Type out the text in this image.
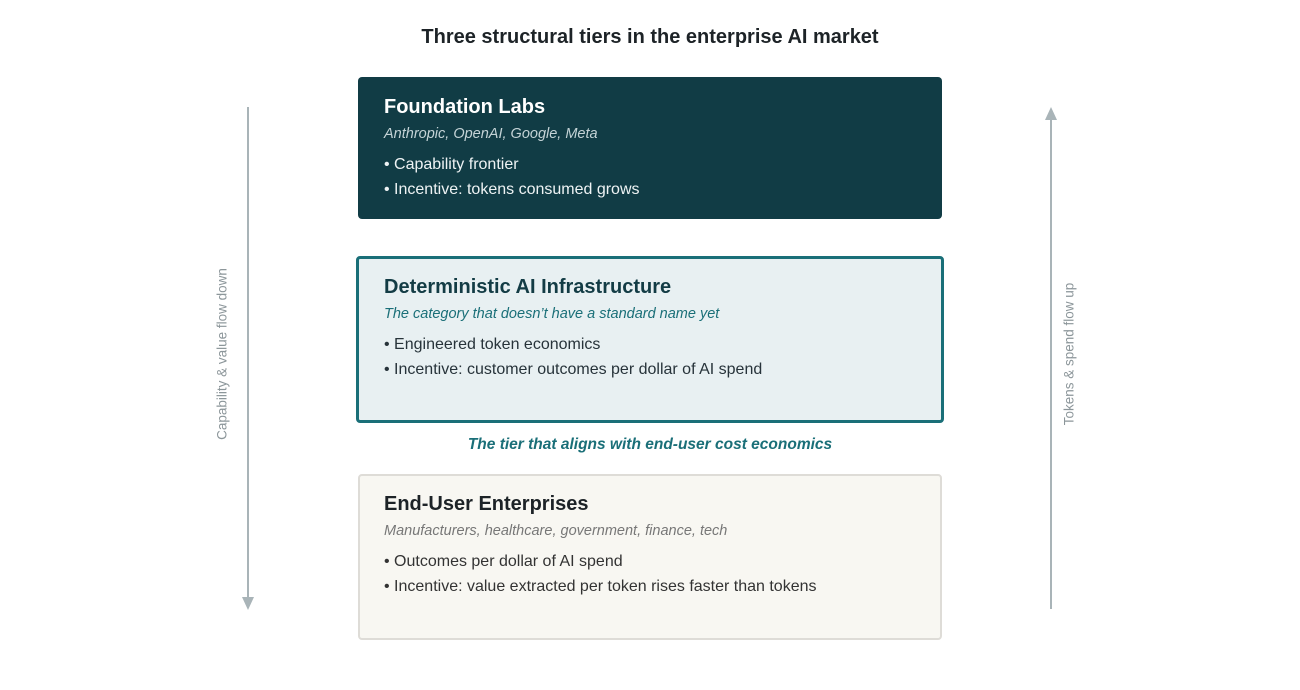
Three structural tiers in the enterprise AI market
Capability & value flow down	Tokens & spend flow up
Foundation Labs
Anthropic, OpenAI, Google, Meta
• Capability frontier
• Incentive: tokens consumed grows
Deterministic AI Infrastructure
The category that doesn’t have a standard name yet
• Engineered token economics
• Incentive: customer outcomes per dollar of AI spend
The tier that aligns with end-user cost economics
End-User Enterprises
Manufacturers, healthcare, government, finance, tech
• Outcomes per dollar of AI spend
• Incentive: value extracted per token rises faster than tokens
